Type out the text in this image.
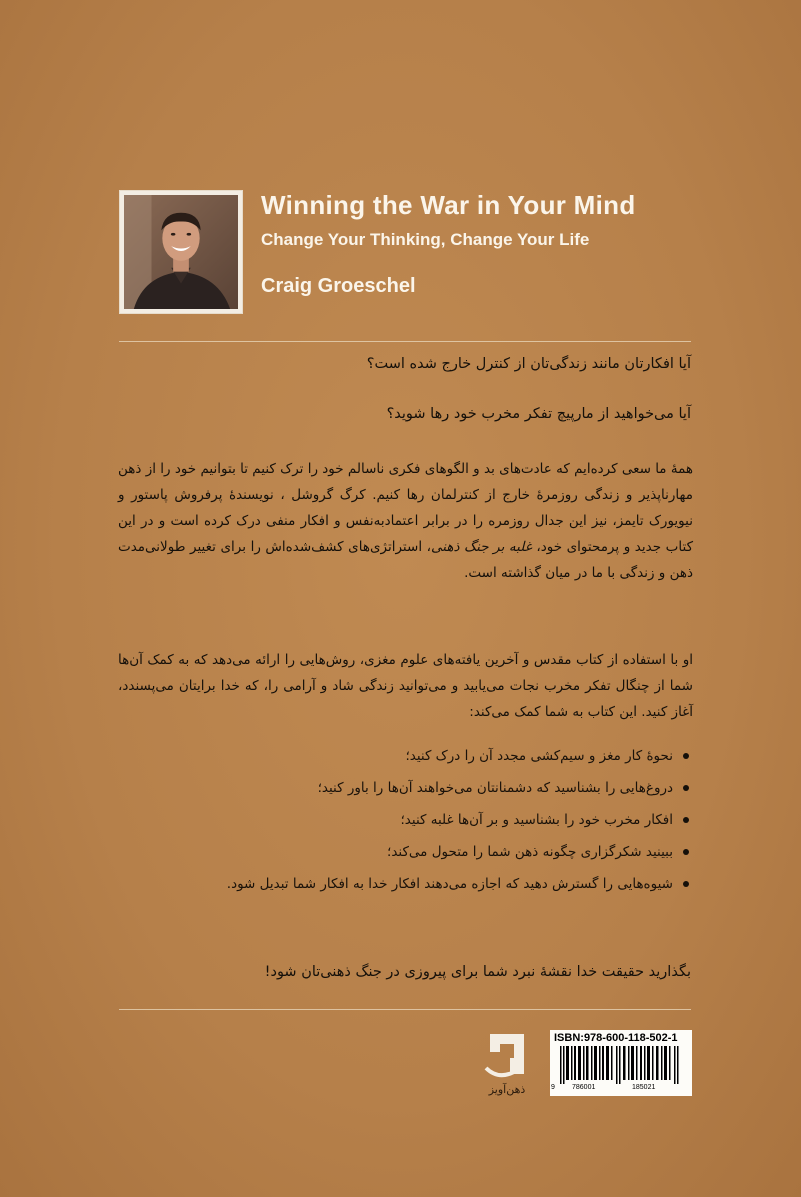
Winning the War in Your Mind
Change Your Thinking, Change Your Life
Craig Groeschel
آیا افکارتان مانند زندگی‌تان از کنترل خارج شده است؟
آیا می‌خواهید از مارپیچ تفکر مخرب خود رها شوید؟
همهٔ ما سعی کرده‌ایم که عادت‌های بد و الگوهای فکری ناسالم خود را ترک کنیم تا بتوانیم خود را از ذهن مهارناپذیر و زندگی روزمرهٔ خارج از کنترلمان رها کنیم. کرگ گروشل ، نویسندهٔ پرفروش پاستور و نیویورک تایمز، نیز این جدال روزمره را در برابر اعتمادبه‌نفس و افکار منفی درک کرده است و در این کتاب جدید و پرمحتوای خود، غلبه بر جنگ ذهنی، استراتژی‌های کشف‌شده‌اش را برای تغییر طولانی‌مدت ذهن و زندگی با ما در میان گذاشته است.
او با استفاده از کتاب مقدس و آخرین یافته‌های علوم مغزی، روش‌هایی را ارائه می‌دهد که به کمک آن‌ها شما از چنگال تفکر مخرب نجات می‌یابید و می‌توانید زندگی شاد و آرامی را، که خدا برایتان می‌پسندد، آغاز کنید. این کتاب به شما کمک می‌کند:
نحوهٔ کار مغز و سیم‌کشی مجدد آن را درک کنید؛
دروغ‌هایی را بشناسید که دشمنانتان می‌خواهند آن‌ها را باور کنید؛
افکار مخرب خود را بشناسید و بر آن‌ها غلبه کنید؛
ببینید شکرگزاری چگونه ذهن شما را متحول می‌کند؛
شیوه‌هایی را گسترش دهید که اجازه می‌دهند افکار خدا به افکار شما تبدیل شود.
بگذارید حقیقت خدا نقشهٔ نبرد شما برای پیروزی در جنگ ذهنی‌تان شود!
ذهن‌آویز
ISBN:978-600-118-502-1
9 786001	185021
